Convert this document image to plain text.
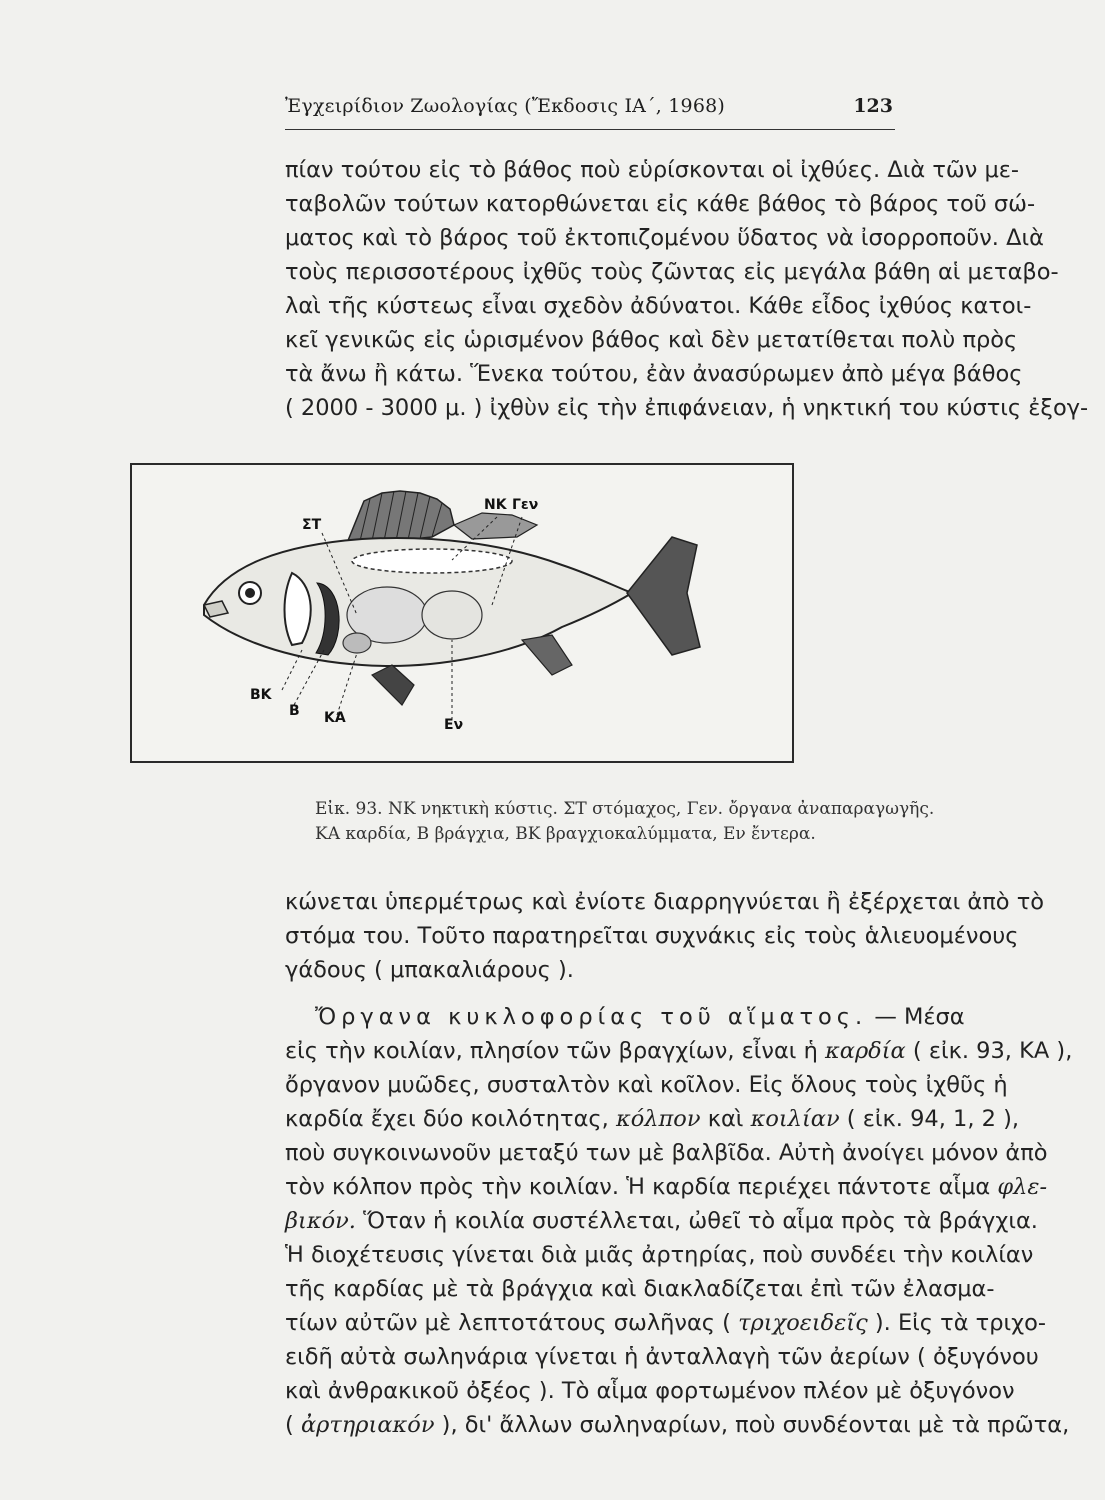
Ἐγχειρίδιον Ζωολογίας (Ἔκδοσις ΙΑ΄, 1968)	123

πίαν τούτου εἰς τὸ βάθος ποὺ εὑρίσκονται οἱ ἰχθύες. Διὰ τῶν με-
ταβολῶν τούτων κατορθώνεται εἰς κάθε βάθος τὸ βάρος τοῦ σώ-
ματος καὶ τὸ βάρος τοῦ ἐκτοπιζομένου ὕδατος νὰ ἰσορροποῦν. Διὰ
τοὺς περισσοτέρους ἰχθῦς τοὺς ζῶντας εἰς μεγάλα βάθη αἱ μεταβο-
λαὶ τῆς κύστεως εἶναι σχεδὸν ἀδύνατοι. Κάθε εἶδος ἰχθύος κατοι-
κεῖ γενικῶς εἰς ὡρισμένον βάθος καὶ δὲν μετατίθεται πολὺ πρὸς
τὰ ἄνω ἢ κάτω. Ἕνεκα τούτου, ἐὰν ἀνασύρωμεν ἀπὸ μέγα βάθος
( 2000 - 3000 μ. ) ἰχθὺν εἰς τὴν ἐπιφάνειαν, ἡ νηκτική του κύστις ἐξογ-

ΣΤ
ΝΚ Γεν
ΒΚ
Β ΚΑ	Εν
Εἰκ. 93. ΝΚ νηκτικὴ κύστις. ΣΤ στόμαχος, Γεν. ὄργανα ἀναπαραγωγῆς.
ΚΑ καρδία, Β βράγχια, ΒΚ βραγχιοκαλύμματα, Εν ἔντερα.

κώνεται ὑπερμέτρως καὶ ἐνίοτε διαρρηγνύεται ἢ ἐξέρχεται ἀπὸ τὸ
στόμα του. Τοῦτο παρατηρεῖται συχνάκις εἰς τοὺς ἁλιευομένους
γάδους ( μπακαλιάρους ).

Ὄργανα κυκλοφορίας τοῦ αἵματος. — Μέσα
εἰς τὴν κοιλίαν, πλησίον τῶν βραγχίων, εἶναι ἡ καρδία ( εἰκ. 93, ΚΑ ),
ὄργανον μυῶδες, συσταλτὸν καὶ κοῖλον. Εἰς ὅλους τοὺς ἰχθῦς ἡ
καρδία ἔχει δύο κοιλότητας, κόλπον καὶ κοιλίαν ( εἰκ. 94, 1, 2 ),
ποὺ συγκοινωνοῦν μεταξύ των μὲ βαλβῖδα. Αὐτὴ ἀνοίγει μόνον ἀπὸ
τὸν κόλπον πρὸς τὴν κοιλίαν. Ἡ καρδία περιέχει πάντοτε αἷμα φλε-
βικόν. Ὅταν ἡ κοιλία συστέλλεται, ὠθεῖ τὸ αἷμα πρὸς τὰ βράγχια.
Ἡ διοχέτευσις γίνεται διὰ μιᾶς ἀρτηρίας, ποὺ συνδέει τὴν κοιλίαν
τῆς καρδίας μὲ τὰ βράγχια καὶ διακλαδίζεται ἐπὶ τῶν ἐλασμα-
τίων αὐτῶν μὲ λεπτοτάτους σωλῆνας ( τριχοειδεῖς ). Εἰς τὰ τριχο-
ειδῆ αὐτὰ σωληνάρια γίνεται ἡ ἀνταλλαγὴ τῶν ἀερίων ( ὀξυγόνου
καὶ ἀνθρακικοῦ ὀξέος ). Τὸ αἷμα φορτωμένον πλέον μὲ ὀξυγόνον
( ἀρτηριακόν ), δι' ἄλλων σωληναρίων, ποὺ συνδέονται μὲ τὰ πρῶτα,
